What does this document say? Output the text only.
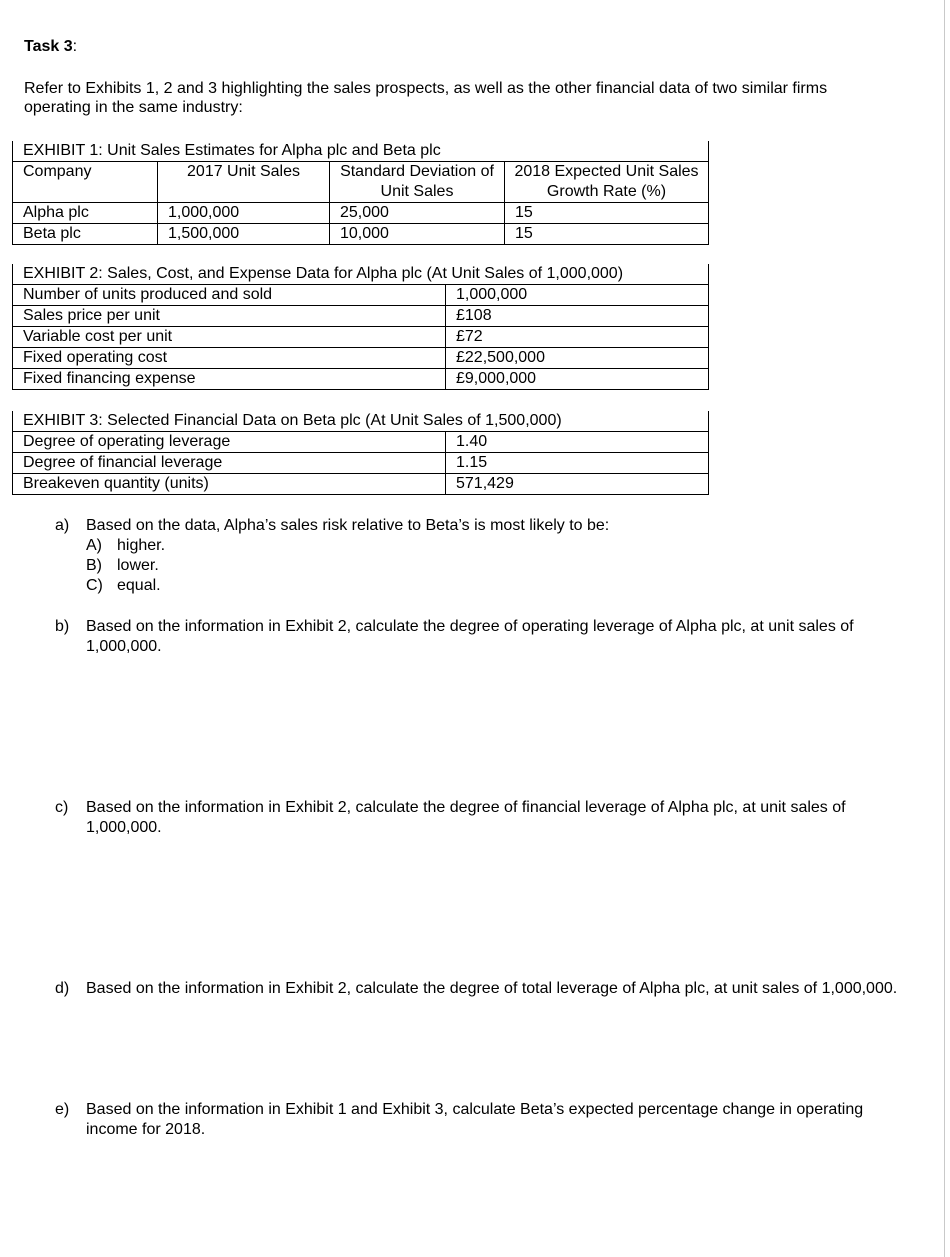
Task 3:
Refer to Exhibits 1, 2 and 3 highlighting the sales prospects, as well as the other financial data of two similar firms operating in the same industry:
EXHIBIT 1: Unit Sales Estimates for Alpha plc and Beta plc			
Company	2017 Unit Sales	Standard Deviation of Unit Sales	2018 Expected Unit Sales Growth Rate (%)
Alpha plc	1,000,000	25,000	15
Beta plc	1,500,000	10,000	15
EXHIBIT 2: Sales, Cost, and Expense Data for Alpha plc (At Unit Sales of 1,000,000)	
Number of units produced and sold	1,000,000
Sales price per unit	£108
Variable cost per unit	£72
Fixed operating cost	£22,500,000
Fixed financing expense	£9,000,000
EXHIBIT 3: Selected Financial Data on Beta plc (At Unit Sales of 1,500,000)	
Degree of operating leverage	1.40
Degree of financial leverage	1.15
Breakeven quantity (units)	571,429
a) Based on the data, Alpha’s sales risk relative to Beta’s is most likely to be:
A) higher.
B) lower.
C) equal.
b) Based on the information in Exhibit 2, calculate the degree of operating leverage of Alpha plc, at unit sales of 1,000,000.
c) Based on the information in Exhibit 2, calculate the degree of financial leverage of Alpha plc, at unit sales of 1,000,000.
d) Based on the information in Exhibit 2, calculate the degree of total leverage of Alpha plc, at unit sales of 1,000,000.
e) Based on the information in Exhibit 1 and Exhibit 3, calculate Beta’s expected percentage change in operating income for 2018.
